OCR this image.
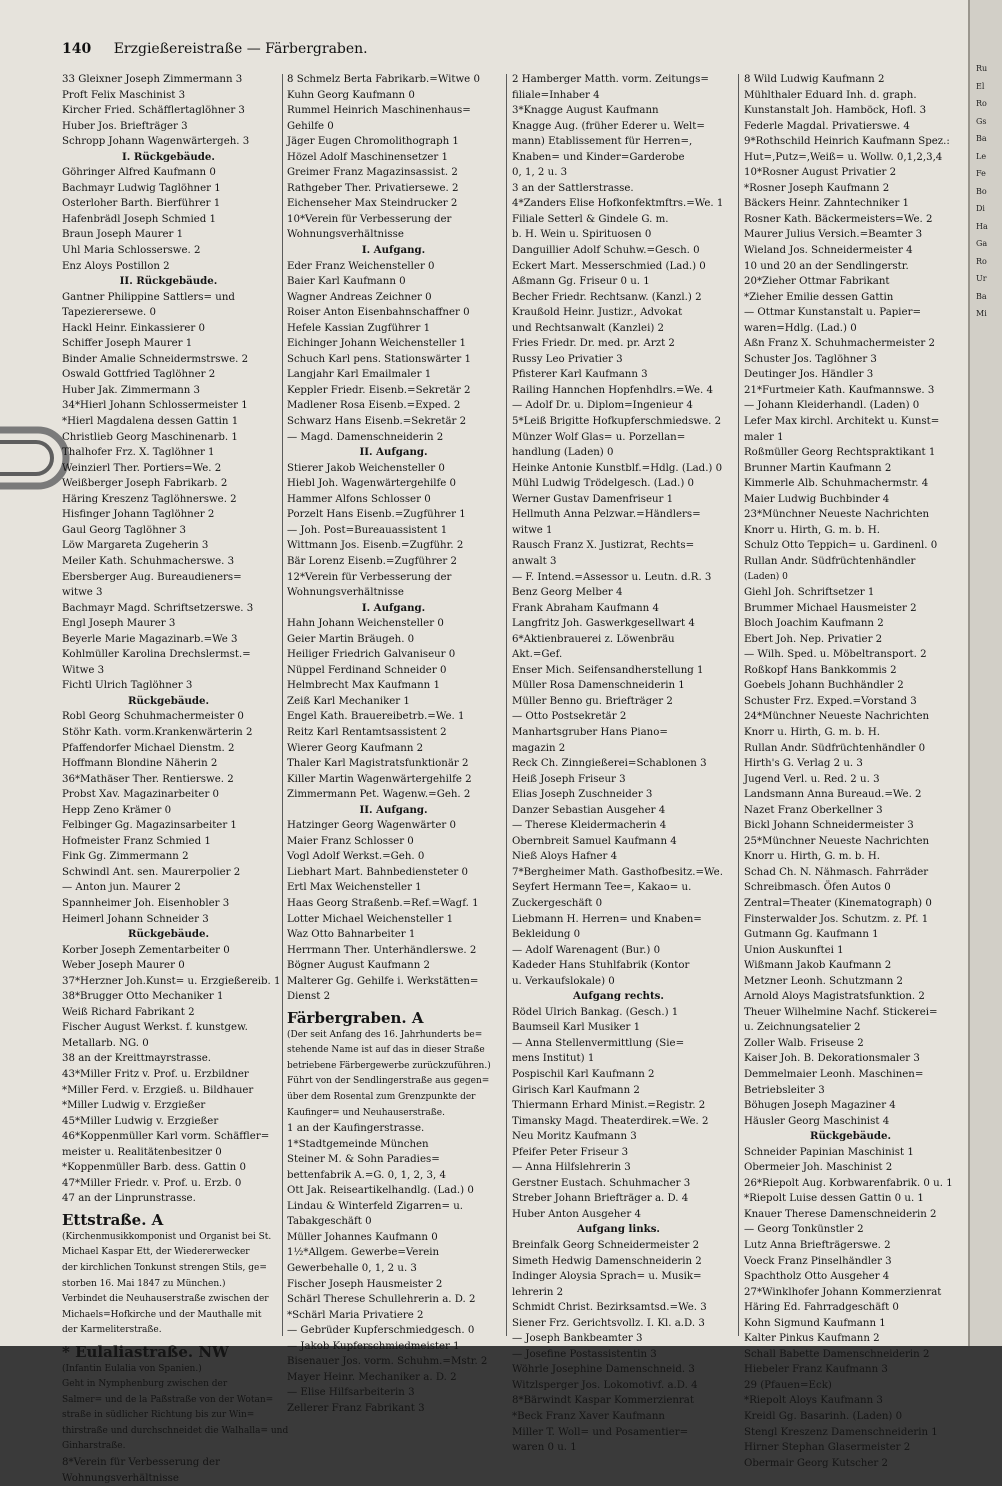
140 Erzgießereistraße — Färbergraben.
33 Gleixner Joseph Zimmermann 3
Proft Felix Maschinist 3
Kircher Fried. Schäfflertaglöhner 3
Huber Jos. Briefträger 3
Schropp Johann Wagenwärtergeh. 3
I. Rückgebäude.
Göhringer Alfred Kaufmann 0
Bachmayr Ludwig Taglöhner 1
Osterloher Barth. Bierführer 1
Hafenbrädl Joseph Schmied 1
Braun Joseph Maurer 1
Uhl Maria Schlosserswe. 2
Enz Aloys Postillon 2
II. Rückgebäude.
Gantner Philippine Sattlers= und
Tapezierersewe. 0
Hackl Heinr. Einkassierer 0
Schiffer Joseph Maurer 1
Binder Amalie Schneidermstrswe. 2
Oswald Gottfried Taglöhner 2
Huber Jak. Zimmermann 3
34*Hierl Johann Schlossermeister 1
*Hierl Magdalena dessen Gattin 1
Christlieb Georg Maschinenarb. 1
Thalhofer Frz. X. Taglöhner 1
Weinzierl Ther. Portiers=We. 2
Weißberger Joseph Fabrikarb. 2
Häring Kreszenz Taglöhnerswe. 2
Hisfinger Johann Taglöhner 2
Gaul Georg Taglöhner 3
Löw Margareta Zugeherin 3
Meiler Kath. Schuhmacherswe. 3
Ebersberger Aug. Bureaudieners=
witwe 3
Bachmayr Magd. Schriftsetzerswe. 3
Engl Joseph Maurer 3
Beyerle Marie Magazinarb.=We 3
Kohlmüller Karolina Drechslermst.=
Witwe 3
Fichtl Ulrich Taglöhner 3
Rückgebäude.
Robl Georg Schuhmachermeister 0
Stöhr Kath. vorm.Krankenwärterin 2
Pfaffendorfer Michael Dienstm. 2
Hoffmann Blondine Näherin 2
36*Mathäser Ther. Rentierswe. 2
Probst Xav. Magazinarbeiter 0
Hepp Zeno Krämer 0
Felbinger Gg. Magazinsarbeiter 1
Hofmeister Franz Schmied 1
Fink Gg. Zimmermann 2
Schwindl Ant. sen. Maurerpolier 2
— Anton jun. Maurer 2
Spannheimer Joh. Eisenhobler 3
Heimerl Johann Schneider 3
Rückgebäude.
Korber Joseph Zementarbeiter 0
Weber Joseph Maurer 0
37*Herzner Joh.Kunst= u. Erzgießereib. 1
38*Brugger Otto Mechaniker 1
Weiß Richard Fabrikant 2
Fischer August Werkst. f. kunstgew.
Metallarb. NG. 0
38 an der Kreittmayrstrasse.
43*Miller Fritz v. Prof. u. Erzbildner
*Miller Ferd. v. Erzgieß. u. Bildhauer
*Miller Ludwig v. Erzgießer
45*Miller Ludwig v. Erzgießer
46*Koppenmüller Karl vorm. Schäffler=
meister u. Realitätenbesitzer 0
*Koppenmüller Barb. dess. Gattin 0
47*Miller Friedr. v. Prof. u. Erzb. 0
47 an der Linprunstrasse.
Ettstraße. A
(Kirchenmusikkomponist und Organist bei St.
Michael Kaspar Ett, der Wiedererwecker
der kirchlichen Tonkunst strengen Stils, ge=
storben 16. Mai 1847 zu München.)
Verbindet die Neuhauserstraße zwischen der
Michaels=Hofkirche und der Mauthalle mit
der Karmeliterstraße.
* Eulaliastraße. NW
(Infantin Eulalia von Spanien.)
Geht in Nymphenburg zwischen der
Salmer= und de la Paßstraße von der Wotan=
straße in südlicher Richtung bis zur Win=
thirstraße und durchschneidet die Walhalla= und
Ginharstraße.
8*Verein für Verbesserung der
Wohnungsverhältnisse
8 Schmelz Berta Fabrikarb.=Witwe 0
Kuhn Georg Kaufmann 0
Rummel Heinrich Maschinenhaus=
Gehilfe 0
Jäger Eugen Chromolithograph 1
Hözel Adolf Maschinensetzer 1
Greimer Franz Magazinsassist. 2
Rathgeber Ther. Privatiersewe. 2
Eichenseher Max Steindrucker 2
10*Verein für Verbesserung der
Wohnungsverhältnisse
I. Aufgang.
Eder Franz Weichensteller 0
Baier Karl Kaufmann 0
Wagner Andreas Zeichner 0
Roiser Anton Eisenbahnschaffner 0
Hefele Kassian Zugführer 1
Eichinger Johann Weichensteller 1
Schuch Karl pens. Stationswärter 1
Langjahr Karl Emailmaler 1
Keppler Friedr. Eisenb.=Sekretär 2
Madlener Rosa Eisenb.=Exped. 2
Schwarz Hans Eisenb.=Sekretär 2
— Magd. Damenschneiderin 2
II. Aufgang.
Stierer Jakob Weichensteller 0
Hiebl Joh. Wagenwärtergehilfe 0
Hammer Alfons Schlosser 0
Porzelt Hans Eisenb.=Zugführer 1
— Joh. Post=Bureauassistent 1
Wittmann Jos. Eisenb.=Zugführ. 2
Bär Lorenz Eisenb.=Zugführer 2
12*Verein für Verbesserung der
Wohnungsverhältnisse
I. Aufgang.
Hahn Johann Weichensteller 0
Geier Martin Bräugeh. 0
Heiliger Friedrich Galvaniseur 0
Nüppel Ferdinand Schneider 0
Helmbrecht Max Kaufmann 1
Zeiß Karl Mechaniker 1
Engel Kath. Brauereibetrb.=We. 1
Reitz Karl Rentamtsassistent 2
Wierer Georg Kaufmann 2
Thaler Karl Magistratsfunktionär 2
Killer Martin Wagenwärtergehilfe 2
Zimmermann Pet. Wagenw.=Geh. 2
II. Aufgang.
Hatzinger Georg Wagenwärter 0
Maier Franz Schlosser 0
Vogl Adolf Werkst.=Geh. 0
Liebhart Mart. Bahnbediensteter 0
Ertl Max Weichensteller 1
Haas Georg Straßenb.=Ref.=Wagf. 1
Lotter Michael Weichensteller 1
Waz Otto Bahnarbeiter 1
Herrmann Ther. Unterhändlerswe. 2
Bögner August Kaufmann 2
Malterer Gg. Gehilfe i. Werkstätten=
Dienst 2
Färbergraben. A
(Der seit Anfang des 16. Jahrhunderts be=
stehende Name ist auf das in dieser Straße
betriebene Färbergewerbe zurückzuführen.)
Führt von der Sendlingerstraße aus gegen=
über dem Rosental zum Grenzpunkte der
Kaufinger= und Neuhauserstraße.
1 an der Kaufingerstrasse.
1*Stadtgemeinde München
Steiner M. & Sohn Paradies=
bettenfabrik A.=G. 0, 1, 2, 3, 4
Ott Jak. Reiseartikelhandlg. (Lad.) 0
Lindau & Winterfeld Zigarren= u.
Tabakgeschäft 0
Müller Johannes Kaufmann 0
1½*Allgem. Gewerbe=Verein
Gewerbehalle 0, 1, 2 u. 3
Fischer Joseph Hausmeister 2
Schärl Therese Schullehrerin a. D. 2
*Schärl Maria Privatiere 2
— Gebrüder Kupferschmiedgesch. 0
— Jakob Kupferschmiedmeister 1
Bisenauer Jos. vorm. Schuhm.=Mstr. 2
Mayer Heinr. Mechaniker a. D. 2
— Elise Hilfsarbeiterin 3
Zellerer Franz Fabrikant 3
2 Hamberger Matth. vorm. Zeitungs=
filiale=Inhaber 4
3*Knagge August Kaufmann
Knagge Aug. (früher Ederer u. Welt=
mann) Etablissement für Herren=,
Knaben= und Kinder=Garderobe
0, 1, 2 u. 3
3 an der Sattlerstrasse.
4*Zanders Elise Hofkonfektmftrs.=We. 1
Filiale Setterl & Gindele G. m.
b. H. Wein u. Spirituosen 0
Danguillier Adolf Schuhw.=Gesch. 0
Eckert Mart. Messerschmied (Lad.) 0
Aßmann Gg. Friseur 0 u. 1
Becher Friedr. Rechtsanw. (Kanzl.) 2
Kraußold Heinr. Justizr., Advokat
und Rechtsanwalt (Kanzlei) 2
Fries Friedr. Dr. med. pr. Arzt 2
Russy Leo Privatier 3
Pfisterer Karl Kaufmann 3
Railing Hannchen Hopfenhdlrs.=We. 4
— Adolf Dr. u. Diplom=Ingenieur 4
5*Leiß Brigitte Hofkupferschmiedswe. 2
Münzer Wolf Glas= u. Porzellan=
handlung (Laden) 0
Heinke Antonie Kunstblf.=Hdlg. (Lad.) 0
Mühl Ludwig Trödelgesch. (Lad.) 0
Werner Gustav Damenfriseur 1
Hellmuth Anna Pelzwar.=Händlers=
witwe 1
Rausch Franz X. Justizrat, Rechts=
anwalt 3
— F. Intend.=Assessor u. Leutn. d.R. 3
Benz Georg Melber 4
Frank Abraham Kaufmann 4
Langfritz Joh. Gaswerkgesellwart 4
6*Aktienbrauerei z. Löwenbräu
Akt.=Gef.
Enser Mich. Seifensandherstellung 1
Müller Rosa Damenschneiderin 1
Müller Benno gu. Briefträger 2
— Otto Postsekretär 2
Manhartsgruber Hans Piano=
magazin 2
Reck Ch. Zinngießerei=Schablonen 3
Heiß Joseph Friseur 3
Elias Joseph Zuschneider 3
Danzer Sebastian Ausgeher 4
— Therese Kleidermacherin 4
Obernbreit Samuel Kaufmann 4
Nieß Aloys Hafner 4
7*Bergheimer Math. Gasthofbesitz.=We.
Seyfert Hermann Tee=, Kakao= u.
Zuckergeschäft 0
Liebmann H. Herren= und Knaben=
Bekleidung 0
— Adolf Warenagent (Bur.) 0
Kadeder Hans Stuhlfabrik (Kontor
u. Verkaufslokale) 0
Aufgang rechts.
Rödel Ulrich Bankag. (Gesch.) 1
Baumseil Karl Musiker 1
— Anna Stellenvermittlung (Sie=
mens Institut) 1
Pospischil Karl Kaufmann 2
Girisch Karl Kaufmann 2
Thiermann Erhard Minist.=Registr. 2
Timansky Magd. Theaterdirek.=We. 2
Neu Moritz Kaufmann 3
Pfeifer Peter Friseur 3
— Anna Hilfslehrerin 3
Gerstner Eustach. Schuhmacher 3
Streber Johann Briefträger a. D. 4
Huber Anton Ausgeher 4
Aufgang links.
Breinfalk Georg Schneidermeister 2
Simeth Hedwig Damenschneiderin 2
Indinger Aloysia Sprach= u. Musik=
lehrerin 2
Schmidt Christ. Bezirksamtsd.=We. 3
Siener Frz. Gerichtsvollz. I. Kl. a.D. 3
— Joseph Bankbeamter 3
— Josefine Postassistentin 3
Wöhrle Josephine Damenschneid. 3
Witzlsperger Jos. Lokomotivf. a.D. 4
8*Bärwindt Kaspar Kommerzienrat
*Beck Franz Xaver Kaufmann
Miller T. Woll= und Posamentier=
waren 0 u. 1
8 Wild Ludwig Kaufmann 2
Mühlthaler Eduard Inh. d. graph.
Kunstanstalt Joh. Hamböck, Hofl. 3
Federle Magdal. Privatierswe. 4
9*Rothschild Heinrich Kaufmann Spez.:
Hut=,Putz=,Weiß= u. Wollw. 0,1,2,3,4
10*Rosner August Privatier 2
*Rosner Joseph Kaufmann 2
Bäckers Heinr. Zahntechniker 1
Rosner Kath. Bäckermeisters=We. 2
Maurer Julius Versich.=Beamter 3
Wieland Jos. Schneidermeister 4
10 und 20 an der Sendlingerstr.
20*Zieher Ottmar Fabrikant
*Zieher Emilie dessen Gattin
— Ottmar Kunstanstalt u. Papier=
waren=Hdlg. (Lad.) 0
Aßn Franz X. Schuhmachermeister 2
Schuster Jos. Taglöhner 3
Deutinger Jos. Händler 3
21*Furtmeier Kath. Kaufmannswe. 3
— Johann Kleiderhandl. (Laden) 0
Lefer Max kirchl. Architekt u. Kunst=
maler 1
Roßmüller Georg Rechtspraktikant 1
Brunner Martin Kaufmann 2
Kimmerle Alb. Schuhmachermstr. 4
Maier Ludwig Buchbinder 4
23*Münchner Neueste Nachrichten
Knorr u. Hirth, G. m. b. H.
Schulz Otto Teppich= u. Gardinenl. 0
Rullan Andr. Südfrüchtenhändler
(Laden) 0
Giehl Joh. Schriftsetzer 1
Brummer Michael Hausmeister 2
Bloch Joachim Kaufmann 2
Ebert Joh. Nep. Privatier 2
— Wilh. Sped. u. Möbeltransport. 2
Roßkopf Hans Bankkommis 2
Goebels Johann Buchhändler 2
Schuster Frz. Exped.=Vorstand 3
24*Münchner Neueste Nachrichten
Knorr u. Hirth, G. m. b. H.
Rullan Andr. Südfrüchtenhändler 0
Hirth's G. Verlag 2 u. 3
Jugend Verl. u. Red. 2 u. 3
Landsmann Anna Bureaud.=We. 2
Nazet Franz Oberkellner 3
Bickl Johann Schneidermeister 3
25*Münchner Neueste Nachrichten
Knorr u. Hirth, G. m. b. H.
Schad Ch. N. Nähmasch. Fahrräder
Schreibmasch. Öfen Autos 0
Zentral=Theater (Kinematograph) 0
Finsterwalder Jos. Schutzm. z. Pf. 1
Gutmann Gg. Kaufmann 1
Union Auskunftei 1
Wißmann Jakob Kaufmann 2
Metzner Leonh. Schutzmann 2
Arnold Aloys Magistratsfunktion. 2
Theuer Wilhelmine Nachf. Stickerei=
u. Zeichnungsatelier 2
Zoller Walb. Friseuse 2
Kaiser Joh. B. Dekorationsmaler 3
Demmelmaier Leonh. Maschinen=
Betriebsleiter 3
Böhugen Joseph Magaziner 4
Häusler Georg Maschinist 4
Rückgebäude.
Schneider Papinian Maschinist 1
Obermeier Joh. Maschinist 2
26*Riepolt Aug. Korbwarenfabrik. 0 u. 1
*Riepolt Luise dessen Gattin 0 u. 1
Knauer Therese Damenschneiderin 2
— Georg Tonkünstler 2
Lutz Anna Briefträgerswe. 2
Voeck Franz Pinselhändler 3
Spachtholz Otto Ausgeher 4
27*Winklhofer Johann Kommerzienrat
Häring Ed. Fahrradgeschäft 0
Kohn Sigmund Kaufmann 1
Kalter Pinkus Kaufmann 2
Schall Babette Damenschneiderin 2
Hiebeler Franz Kaufmann 3
29 (Pfauen=Eck)
*Riepolt Aloys Kaufmann 3
Kreidl Gg. Basarinh. (Laden) 0
Stengl Kreszenz Damenschneiderin 1
Hirner Stephan Glasermeister 2
Obermair Georg Kutscher 2
Ru
El
Ro
Gs
Ba
Le
Fe
Bo
Di
Ha
Ga
Ro
Ur
Ba
Mi
